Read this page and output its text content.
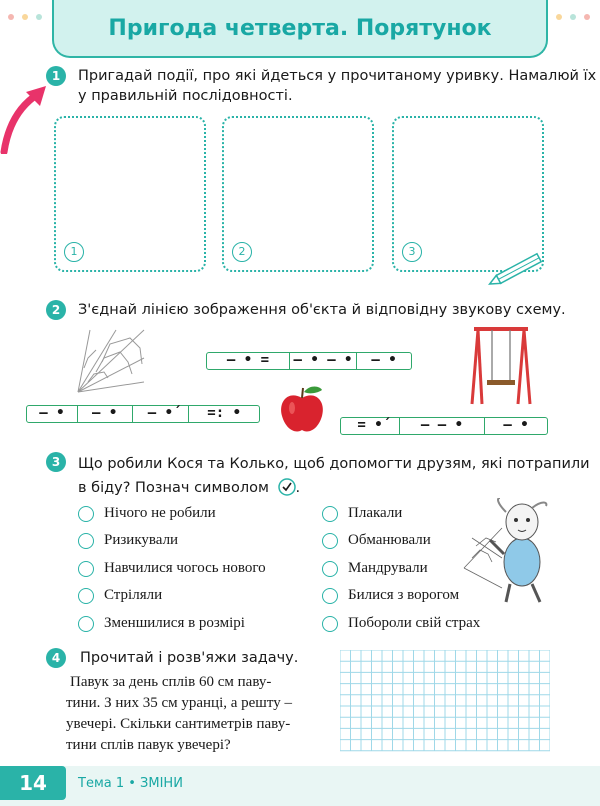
Пригода четверта. Порятунок
1	Пригадай події, про які йдеться у прочитаному уривку. Намалюй їх
у правильній послідовності.
1	2	3
2	З'єднай лінією зображення об'єкта й відповідну звукову схему.
– • =	– • – •	– •
– •	– •	– •́	=: •
= •́	– – •	– •
3	Що робили Кося та Колько, щоб допомогти друзям, які потрапили
в біду? Познач символом .
Нічого не робили
Ризикували
Навчилися чогось нового
Стріляли
Зменшилися в розмірі
Плакали
Обманювали
Мандрували
Билися з ворогом
Побороли свій страх
4	Прочитай і розв'яжи задачу.
Павук за день сплів 60 см паву-
тини. З них 35 см уранці, а решту –
увечері. Скільки сантиметрів паву-
тини сплів павук увечері?
14	Тема 1 • ЗМІНИ
